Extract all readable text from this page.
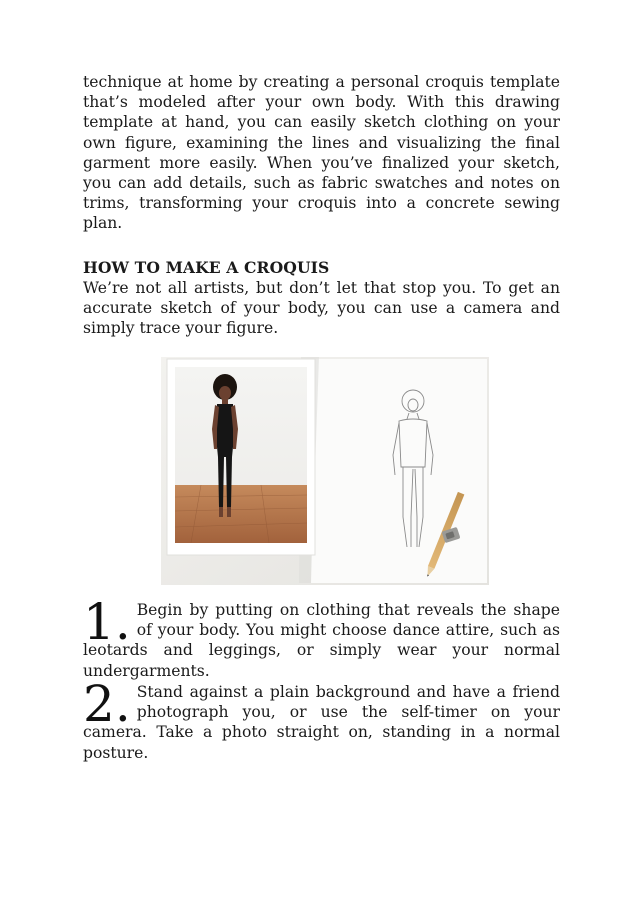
technique at home by creating a personal croquis template that’s modeled after your own body. With this drawing template at hand, you can easily sketch clothing on your own figure, examining the lines and visualizing the final garment more easily. When you’ve finalized your sketch, you can add details, such as fabric swatches and notes on trims, transforming your croquis into a concrete sewing plan.

HOW TO MAKE A CROQUIS

We’re not all artists, but don’t let that stop you. To get an accurate sketch of your body, you can use a camera and simply trace your figure.

1. Begin by putting on clothing that reveals the shape of your body. You might choose dance attire, such as leotards and leggings, or simply wear your normal undergarments.

2. Stand against a plain background and have a friend photograph you, or use the self-timer on your camera. Take a photo straight on, standing in a normal posture.
